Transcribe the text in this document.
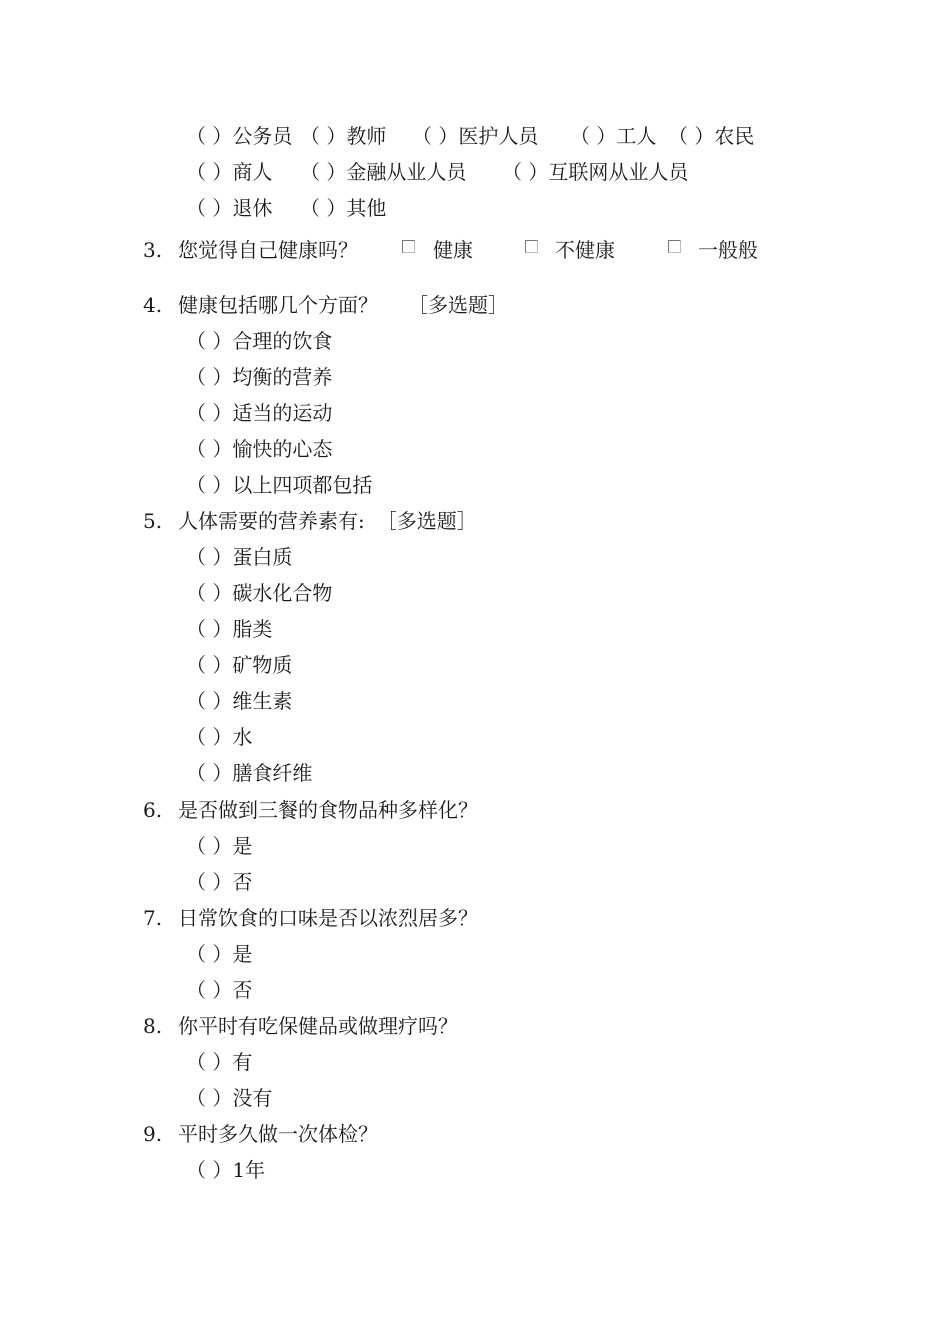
（ ）公务员 （ ）教师 （ ）医护人员 （ ）工人 （ ）农民
（ ）商人 （ ）金融从业人员 （ ）互联网从业人员
（ ）退休 （ ）其他
3. 您觉得自己健康吗？	健康	不健康	一般般
4. 健康包括哪几个方面？ ［多选题］
（ ）合理的饮食
（ ）均衡的营养
（ ）适当的运动
（ ）愉快的心态
（ ）以上四项都包括
5. 人体需要的营养素有: ［多选题］
（ ）蛋白质
（ ）碳水化合物
（ ）脂类
（ ）矿物质
（ ）维生素
（ ）水
（ ）膳食纤维
6. 是否做到三餐的食物品种多样化？
（ ）是
（ ）否
7. 日常饮食的口味是否以浓烈居多？
（ ）是
（ ）否
8. 你平时有吃保健品或做理疗吗？
（ ）有
（ ）没有
9. 平时多久做一次体检？
（ ）1年
